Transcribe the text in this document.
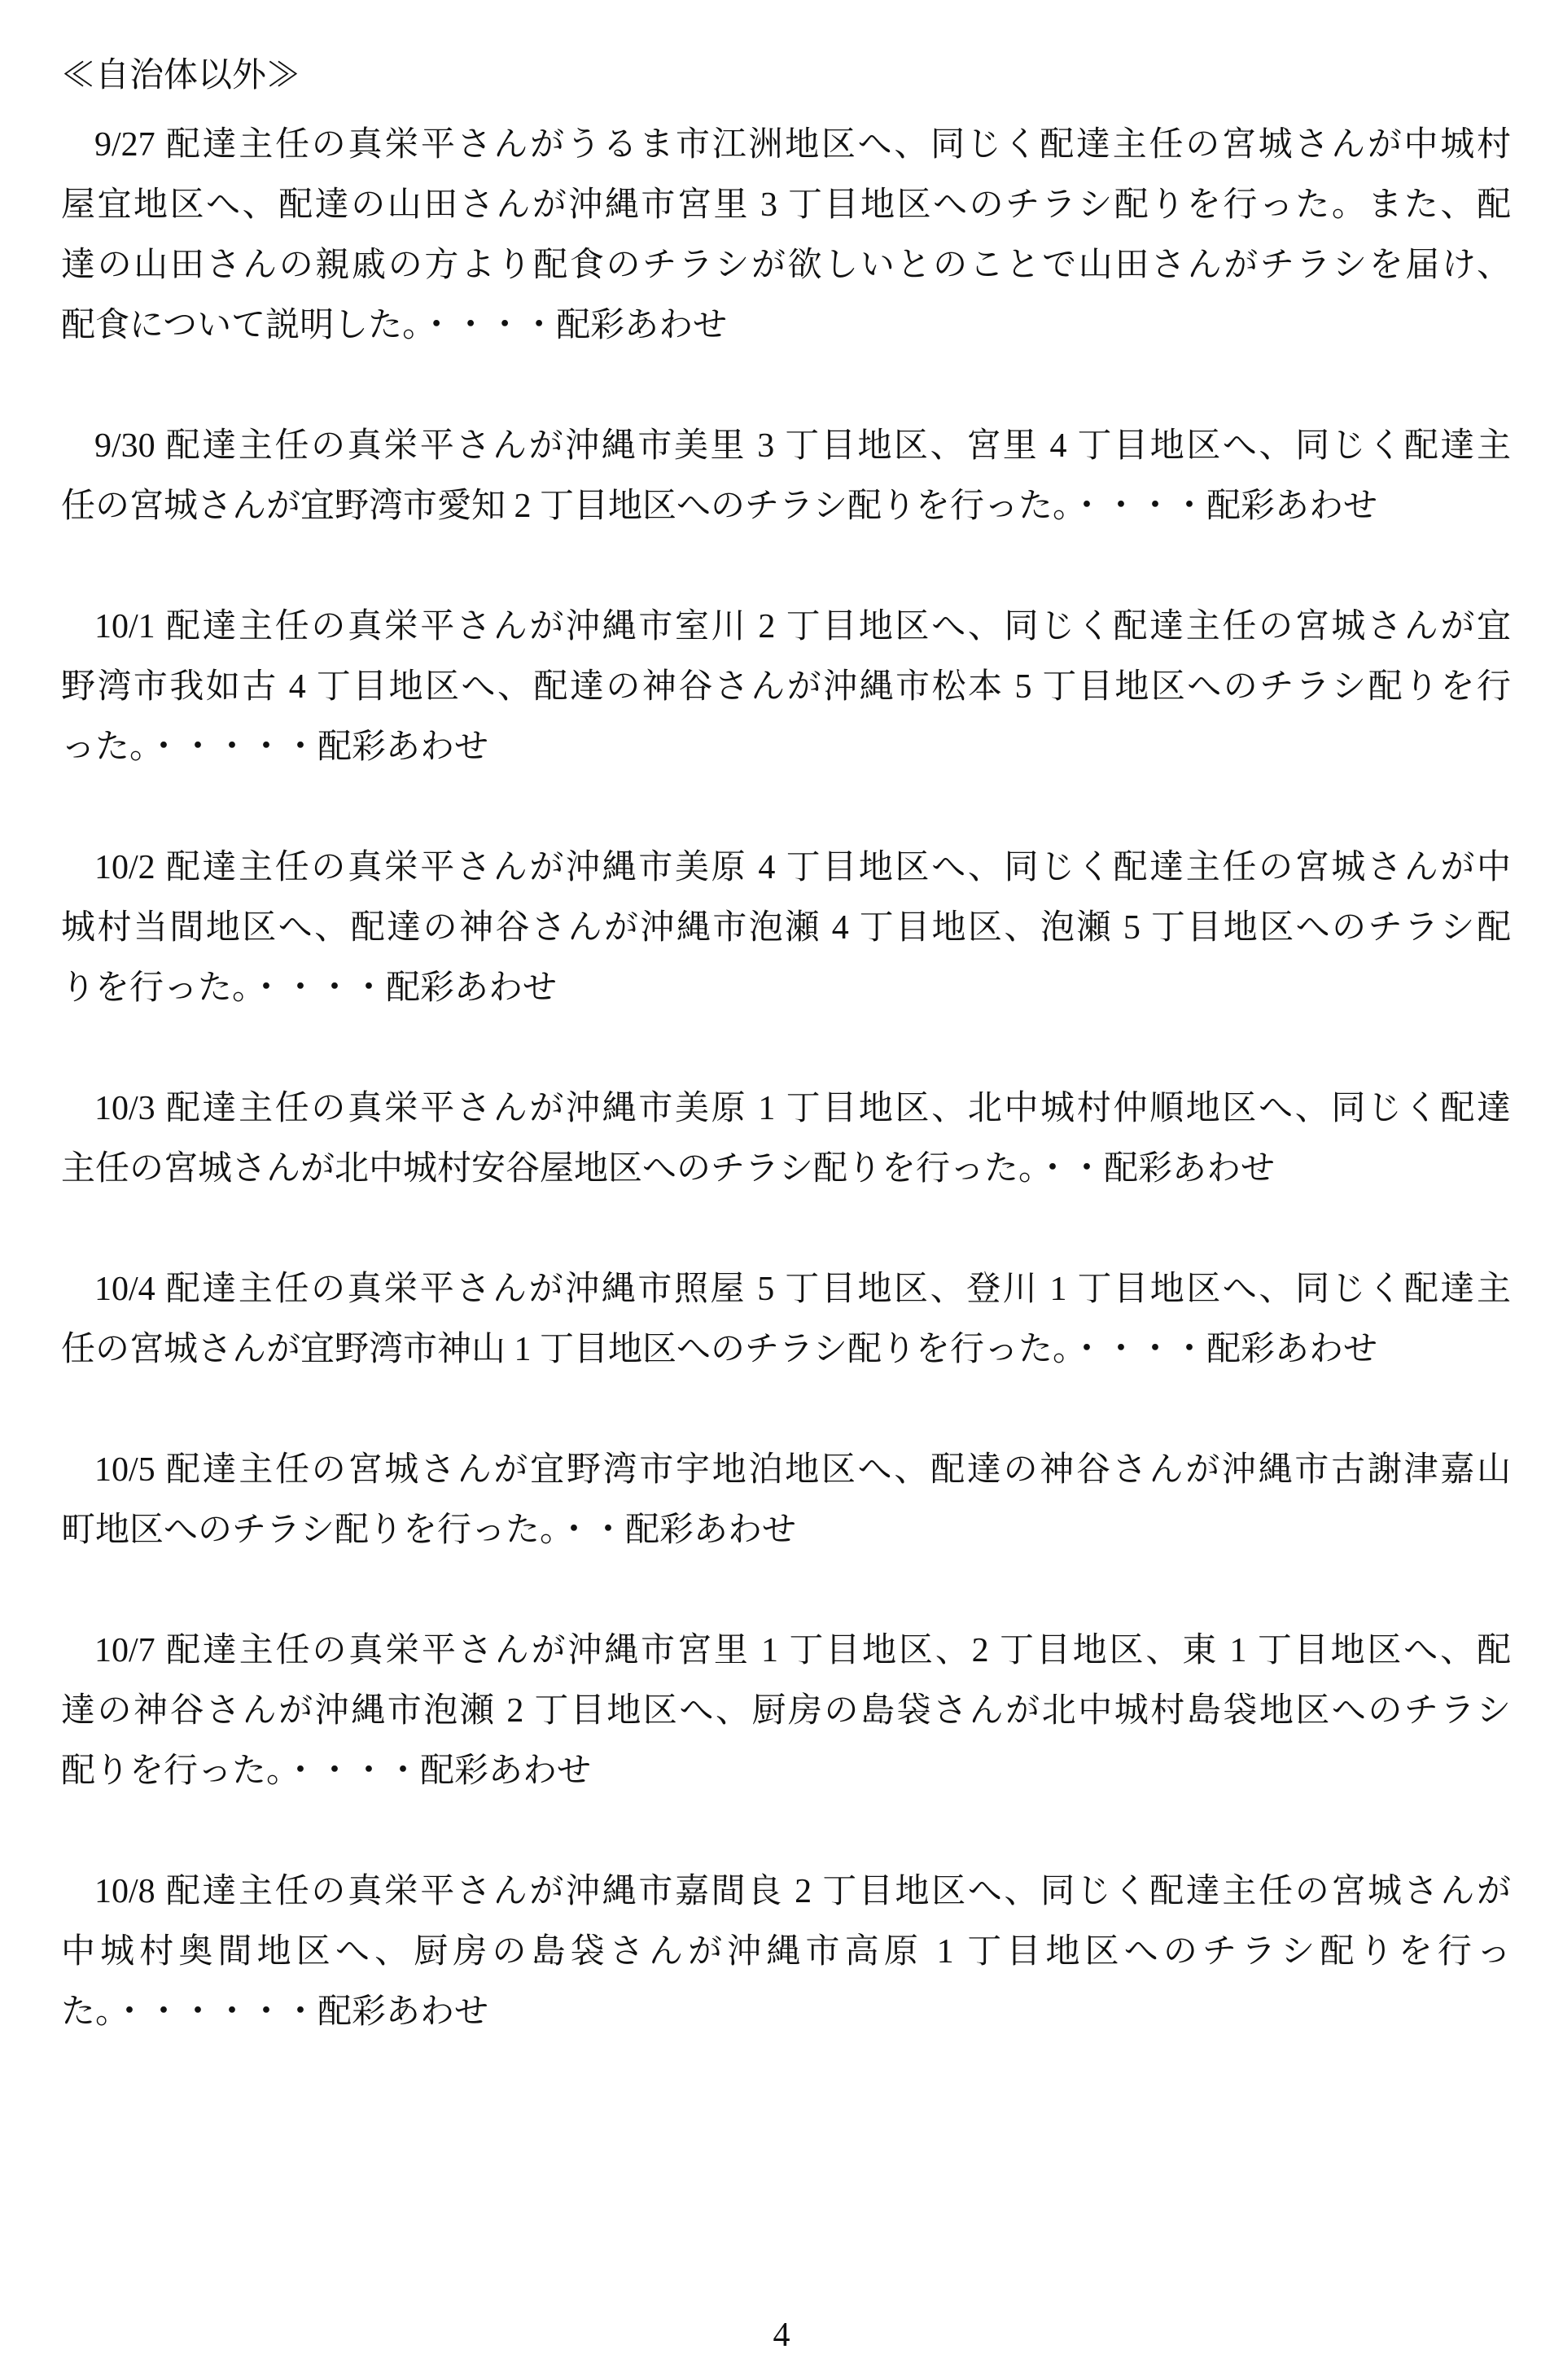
≪自治体以外≫
9/27 配達主任の真栄平さんがうるま市江洲地区へ、同じく配達主任の宮城さんが中城村
屋宜地区へ、配達の山田さんが沖縄市宮里 3 丁目地区へのチラシ配りを行った。また、配
達の山田さんの親戚の方より配食のチラシが欲しいとのことで山田さんがチラシを届け、
配食について説明した。・・・・配彩あわせ
9/30 配達主任の真栄平さんが沖縄市美里 3 丁目地区、宮里 4 丁目地区へ、同じく配達主
任の宮城さんが宜野湾市愛知 2 丁目地区へのチラシ配りを行った。・・・・配彩あわせ
10/1 配達主任の真栄平さんが沖縄市室川 2 丁目地区へ、同じく配達主任の宮城さんが宜
野湾市我如古 4 丁目地区へ、配達の神谷さんが沖縄市松本 5 丁目地区へのチラシ配りを行
った。・・・・・配彩あわせ
10/2 配達主任の真栄平さんが沖縄市美原 4 丁目地区へ、同じく配達主任の宮城さんが中
城村当間地区へ、配達の神谷さんが沖縄市泡瀬 4 丁目地区、泡瀬 5 丁目地区へのチラシ配
りを行った。・・・・配彩あわせ
10/3 配達主任の真栄平さんが沖縄市美原 1 丁目地区、北中城村仲順地区へ、同じく配達
主任の宮城さんが北中城村安谷屋地区へのチラシ配りを行った。・・配彩あわせ
10/4 配達主任の真栄平さんが沖縄市照屋 5 丁目地区、登川 1 丁目地区へ、同じく配達主
任の宮城さんが宜野湾市神山 1 丁目地区へのチラシ配りを行った。・・・・配彩あわせ
10/5 配達主任の宮城さんが宜野湾市宇地泊地区へ、配達の神谷さんが沖縄市古謝津嘉山
町地区へのチラシ配りを行った。・・配彩あわせ
10/7 配達主任の真栄平さんが沖縄市宮里 1 丁目地区、2 丁目地区、東 1 丁目地区へ、配
達の神谷さんが沖縄市泡瀬 2 丁目地区へ、厨房の島袋さんが北中城村島袋地区へのチラシ
配りを行った。・・・・配彩あわせ
10/8 配達主任の真栄平さんが沖縄市嘉間良 2 丁目地区へ、同じく配達主任の宮城さんが
中城村奥間地区へ、厨房の島袋さんが沖縄市高原 1 丁目地区へのチラシ配りを行っ
た。・・・・・・配彩あわせ
4
